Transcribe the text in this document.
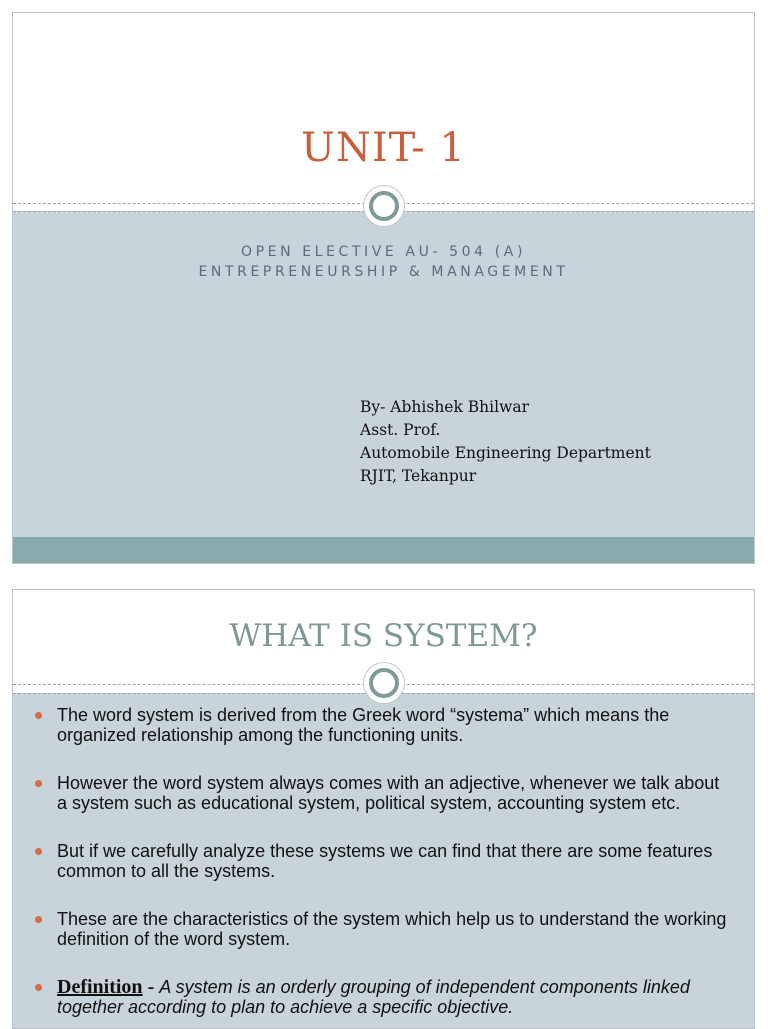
UNIT- 1
OPEN ELECTIVE AU- 504 (A)
ENTREPRENEURSHIP & MANAGEMENT
By- Abhishek Bhilwar
Asst. Prof.
Automobile Engineering Department
RJIT, Tekanpur
WHAT IS SYSTEM?
The word system is derived from the Greek word “systema” which means the organized relationship among the functioning units.
However the word system always comes with an adjective, whenever we talk about a system such as educational system, political system, accounting system etc.
But if we carefully analyze these systems we can find that there are some features common to all the systems.
These are the characteristics of the system which help us to understand the working definition of the word system.
Definition - A system is an orderly grouping of independent components linked together according to plan to achieve a specific objective.
